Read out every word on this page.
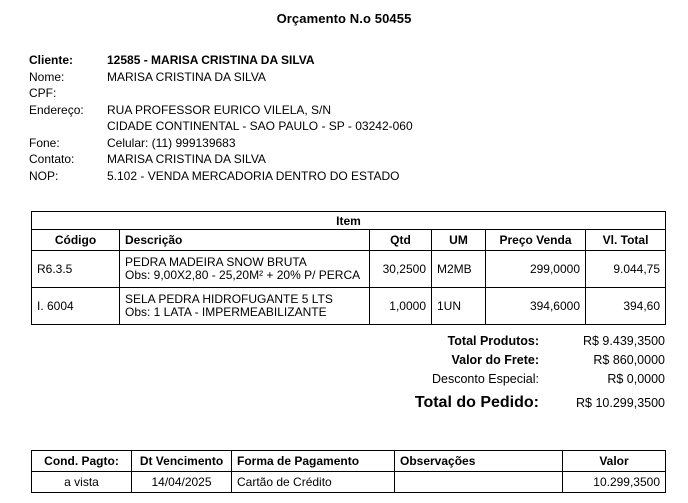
Orçamento N.o 50455
Cliente:	12585 - MARISA CRISTINA DA SILVA
Nome:	MARISA CRISTINA DA SILVA
CPF:
Endereço:	RUA PROFESSOR EURICO VILELA, S/N
CIDADE CONTINENTAL - SAO PAULO - SP - 03242-060
Fone:	Celular: (11) 999139683
Contato:	MARISA CRISTINA DA SILVA
NOP:	5.102 - VENDA MERCADORIA DENTRO DO ESTADO
Item					
Código	Descrição	Qtd	UM	Preço Venda	Vl. Total
R6.3.5	PEDRA MADEIRA SNOW BRUTA
Obs: 9,00X2,80 - 25,20M² + 20% P/ PERCA	30,2500	M2MB	299,0000	9.044,75
I. 6004	SELA PEDRA HIDROFUGANTE 5 LTS
Obs: 1 LATA - IMPERMEABILIZANTE	1,0000	1UN	394,6000	394,60
Total Produtos:	R$ 9.439,3500
Valor do Frete:	R$ 860,0000
Desconto Especial:	R$ 0,0000
Total do Pedido:	R$ 10.299,3500
Cond. Pagto:	Dt Vencimento	Forma de Pagamento	Observações	Valor
a vista	14/04/2025	Cartão de Crédito		10.299,3500
